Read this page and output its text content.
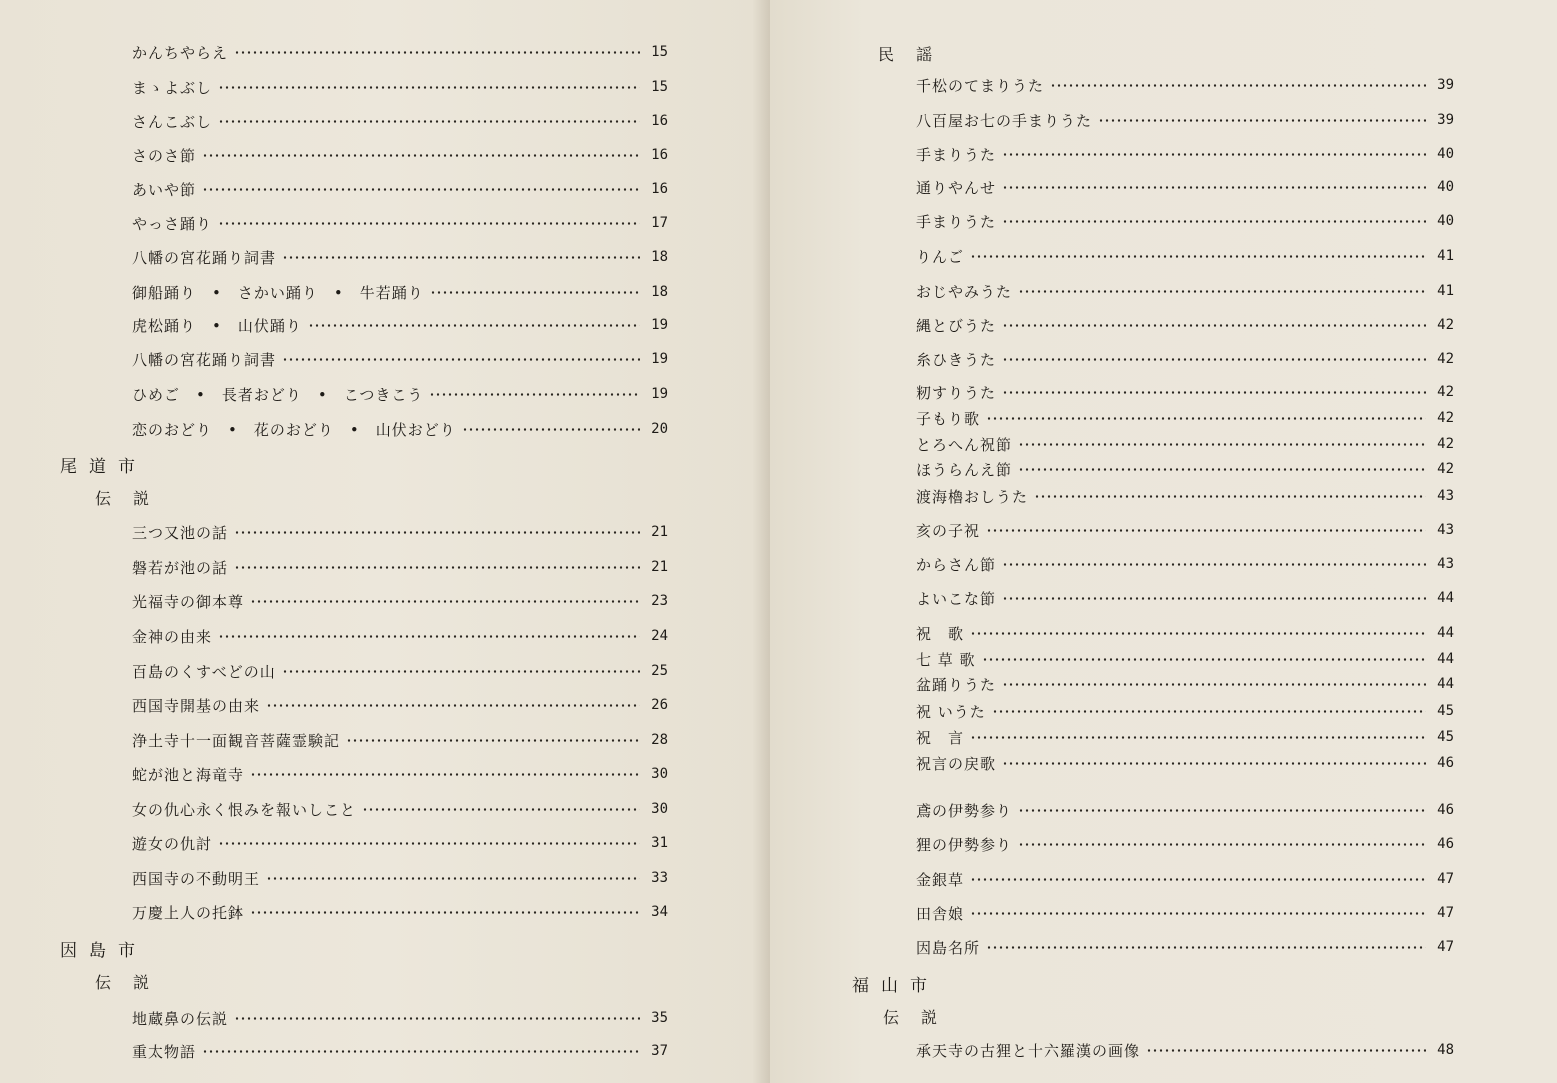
かんちやらえ	15
まゝよぶし	15
さんこぶし	16
さのさ節	16
あいや節	16
やっさ踊り	17
八幡の宮花踊り詞書	18
御船踊り　•　さかい踊り　•　牛若踊り	18
虎松踊り　•　山伏踊り	19
八幡の宮花踊り詞書	19
ひめご　•　長者おどり　•　こつきこう	19
恋のおどり　•　花のおどり　•　山伏おどり	20
三つ又池の話	21
磐若が池の話	21
光福寺の御本尊	23
金神の由来	24
百島のくすべどの山	25
西国寺開基の由来	26
浄土寺十一面観音菩薩霊験記	28
蛇が池と海竜寺	30
女の仇心永く恨みを報いしこと	30
遊女の仇討	31
西国寺の不動明王	33
万慶上人の托鉢	34
地蔵鼻の伝説	35
重太物語	37
尾道市
伝説
因島市
伝説
千松のてまりうた	39
八百屋お七の手まりうた	39
手まりうた	40
通りやんせ	40
手まりうた	40
りんご	41
おじやみうた	41
縄とびうた	42
糸ひきうた	42
籾すりうた	42
子もり歌	42
とろへん祝節	42
ほうらんえ節	42
渡海櫓おしうた	43
亥の子祝	43
からさん節	43
よいこな節	44
祝　歌	44
七 草 歌	44
盆踊りうた	44
祝 いうた	45
祝　言	45
祝言の戻歌	46
鳶の伊勢参り	46
狸の伊勢参り	46
金銀草	47
田舎娘	47
因島名所	47
承天寺の古狸と十六羅漢の画像	48
民謡
福山市
伝説
